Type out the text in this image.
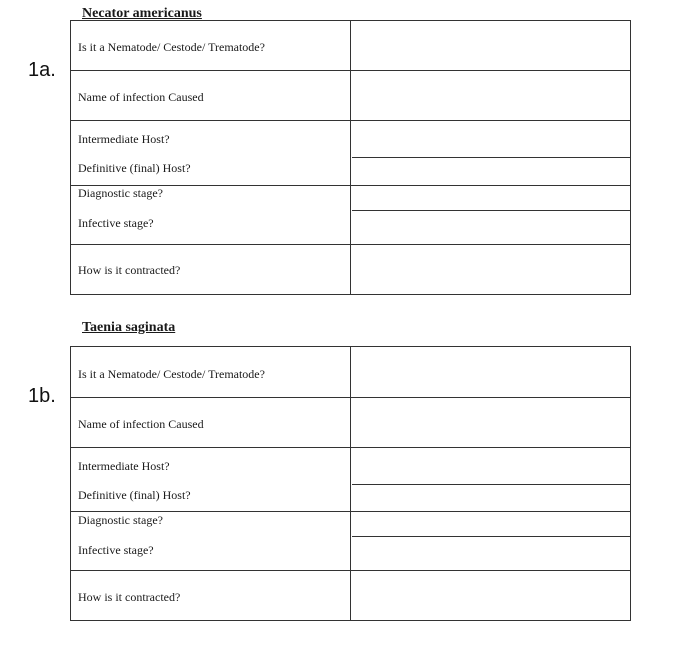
Necator americanus
1a.
Is it a Nematode/ Cestode/ Trematode?
Name of infection Caused
Intermediate Host?
Definitive (final) Host?
Diagnostic stage?
Infective stage?
How is it contracted?
Taenia saginata
1b.
Is it a Nematode/ Cestode/ Trematode?
Name of infection Caused
Intermediate Host?
Definitive (final) Host?
Diagnostic stage?
Infective stage?
How is it contracted?
